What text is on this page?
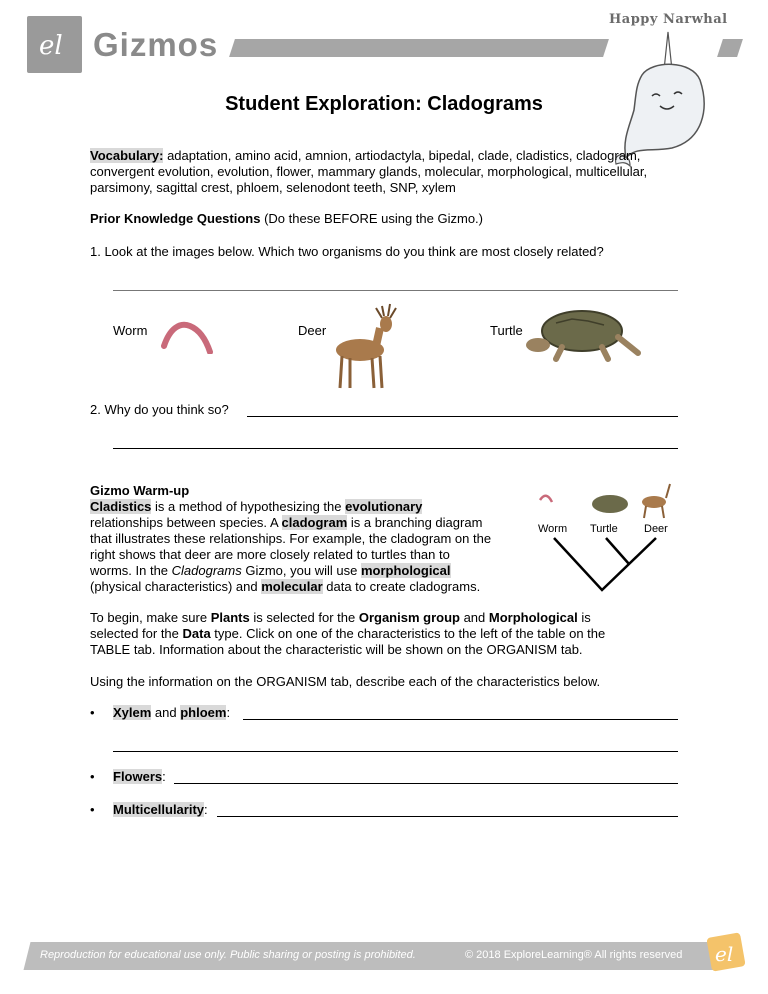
el Gizmos
Happy Narwhal
Student Exploration: Cladograms
Vocabulary: adaptation, amino acid, amnion, artiodactyla, bipedal, clade, cladistics, cladogram, convergent evolution, evolution, flower, mammary glands, molecular, morphological, multicellular, parsimony, sagittal crest, phloem, selenodont teeth, SNP, xylem
Prior Knowledge Questions (Do these BEFORE using the Gizmo.)
1. Look at the images below. Which two organisms do you think are most closely related?
Worm	Deer	Turtle
2. Why do you think so?
Gizmo Warm-up
Cladistics is a method of hypothesizing the evolutionary
relationships between species. A cladogram is a branching diagram
that illustrates these relationships. For example, the cladogram on the
right shows that deer are more closely related to turtles than to
worms. In the Cladograms Gizmo, you will use morphological
(physical characteristics) and molecular data to create cladograms.
Worm Turtle Deer
To begin, make sure Plants is selected for the Organism group and Morphological is
selected for the Data type. Click on one of the characteristics to the left of the table on the
TABLE tab. Information about the characteristic will be shown on the ORGANISM tab.
Using the information on the ORGANISM tab, describe each of the characteristics below.
• Xylem and phloem:
• Flowers:
• Multicellularity:
Reproduction for educational use only. Public sharing or posting is prohibited.	© 2018 ExploreLearning® All rights reserved el
